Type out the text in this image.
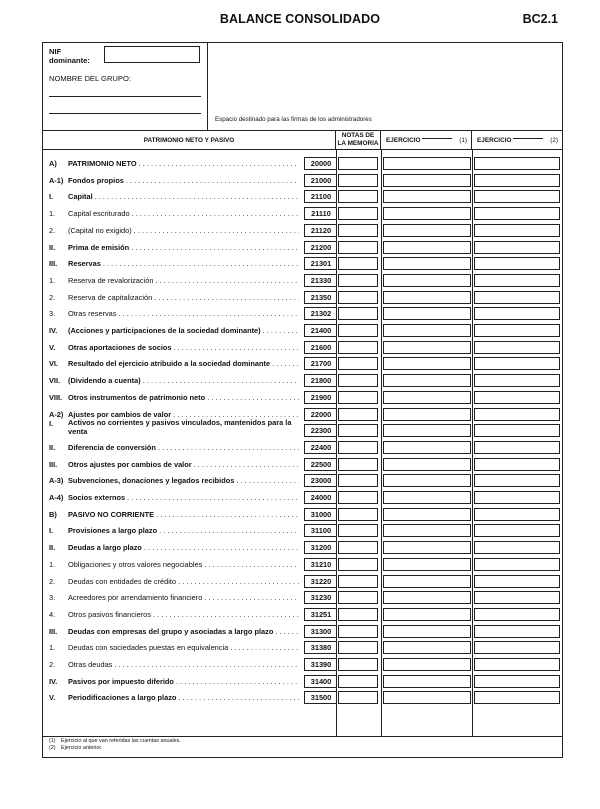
BALANCE CONSOLIDADO	BC2.1
NIF
dominante:
NOMBRE DEL GRUPO:
Espacio destinado para las firmas de los administradores
PATRIMONIO NETO Y PASIVO
NOTAS DE
LA MEMORIA	EJERCICIO	(1)	EJERCICIO	(2)
A) PATRIMONIO NETO . . .	20000
A-1) Fondos propios . . .	21000
I. Capital . . .	21100
1. Capital escriturado . . .	21110
2. (Capital no exigido) . . .	21120
II. Prima de emisión . . .	21200
III. Reservas . . .	21301
1. Reserva de revalorización . . .	21330
2. Reserva de capitalización . . .	21350
3. Otras reservas . . .	21302
IV. (Acciones y participaciones de la sociedad dominante) . . .	21400
V. Otras aportaciones de socios . . .	21600
VI. Resultado del ejercicio atribuido a la sociedad dominante . . .	21700
VII. (Dividendo a cuenta) . . .	21800
VIII. Otros instrumentos de patrimonio neto . . .	21900
A-2) Ajustes por cambios de valor . . .	22000
I. Activos no corrientes y pasivos vinculados, mantenidos para la venta	22300
II. Diferencia de conversión . . .	22400
III. Otros ajustes por cambios de valor . . .	22500
A-3) Subvenciones, donaciones y legados recibidos . . .	23000
A-4) Socios externos . . .	24000
B) PASIVO NO CORRIENTE . . .	31000
I. Provisiones a largo plazo . . .	31100
II. Deudas a largo plazo . . .	31200
1. Obligaciones y otros valores negociables . . .	31210
2. Deudas con entidades de crédito . . .	31220
3. Acreedores por arrendamiento financiero . . .	31230
4. Otros pasivos financieros . . .	31251
III. Deudas con empresas del grupo y asociadas a largo plazo . . .	31300
1. Deudas con sociedades puestas en equivalencia . . .	31380
2. Otras deudas . . .	31390
IV. Pasivos por impuesto diferido . . .	31400
V. Periodificaciones a largo plazo . . .	31500
(1) Ejercicio al que van referidas las cuentas anuales.
(2) Ejercicio anterior.
